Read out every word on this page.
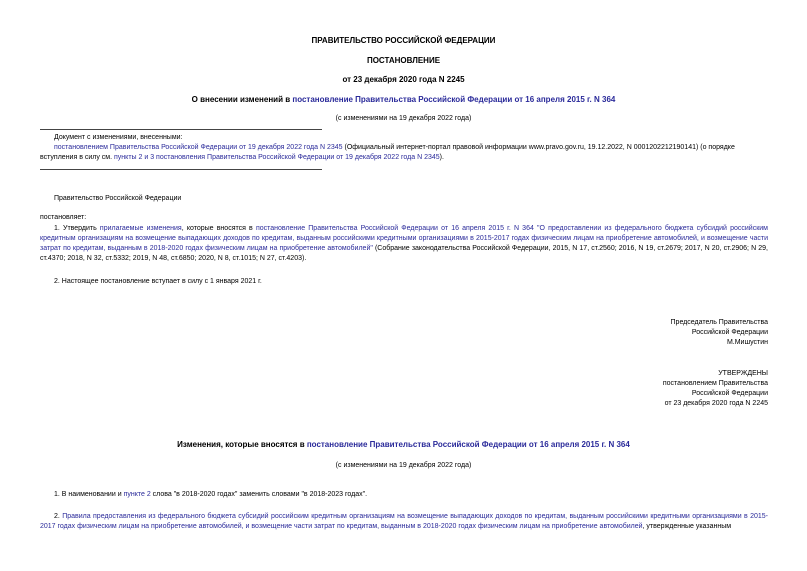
ПРАВИТЕЛЬСТВО РОССИЙСКОЙ ФЕДЕРАЦИИ
ПОСТАНОВЛЕНИЕ
от 23 декабря 2020 года N 2245
О внесении изменений в постановление Правительства Российской Федерации от 16 апреля 2015 г. N 364
(с изменениями на 19 декабря 2022 года)
Документ с изменениями, внесенными:
постановлением Правительства Российской Федерации от 19 декабря 2022 года N 2345 (Официальный интернет-портал правовой информации www.pravo.gov.ru, 19.12.2022, N 0001202212190141) (о порядке
вступления в силу см. пункты 2 и 3 постановления Правительства Российской Федерации от 19 декабря 2022 года N 2345).
Правительство Российской Федерации
постановляет:
1. Утвердить прилагаемые изменения, которые вносятся в постановление Правительства Российской Федерации от 16 апреля 2015 г. N 364 "О предоставлении из федерального бюджета субсидий российским кредитным организациям на возмещение выпадающих доходов по кредитам, выданным российскими кредитными организациями в 2015-2017 годах физическим лицам на приобретение автомобилей, и возмещение части затрат по кредитам, выданным в 2018-2020 годах физическим лицам на приобретение автомобилей" (Собрание законодательства Российской Федерации, 2015, N 17, ст.2560; 2016, N 19, ст.2679; 2017, N 20, ст.2906; N 29, ст.4370; 2018, N 32, ст.5332; 2019, N 48, ст.6850; 2020, N 8, ст.1015; N 27, ст.4203).
2. Настоящее постановление вступает в силу с 1 января 2021 г.
Председатель Правительства
Российской Федерации
М.Мишустин
УТВЕРЖДЕНЫ
постановлением Правительства
Российской Федерации
от 23 декабря 2020 года N 2245
Изменения, которые вносятся в постановление Правительства Российской Федерации от 16 апреля 2015 г. N 364
(с изменениями на 19 декабря 2022 года)
1. В наименовании и пункте 2 слова "в 2018-2020 годах" заменить словами "в 2018-2023 годах".
2. Правила предоставления из федерального бюджета субсидий российским кредитным организациям на возмещение выпадающих доходов по кредитам, выданным российскими кредитными организациями в 2015-2017 годах физическим лицам на приобретение автомобилей, и возмещение части затрат по кредитам, выданным в 2018-2020 годах физическим лицам на приобретение автомобилей, утвержденные указанным
